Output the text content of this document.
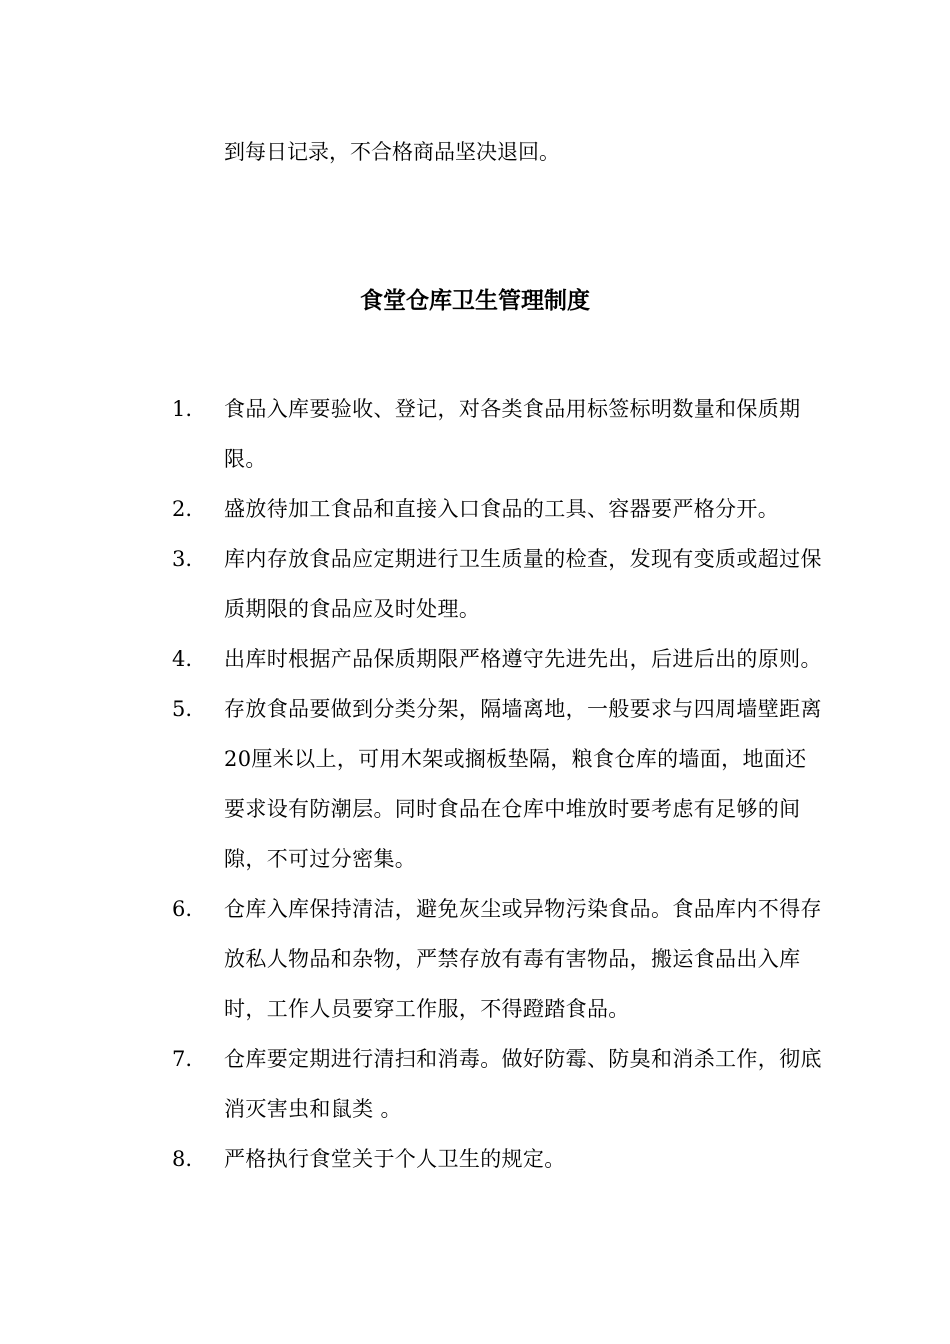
到每日记录，不合格商品坚决退回。
食堂仓库卫生管理制度
1. 食品入库要验收、登记，对各类食品用标签标明数量和保质期限。
2. 盛放待加工食品和直接入口食品的工具、容器要严格分开。
3. 库内存放食品应定期进行卫生质量的检查，发现有变质或超过保质期限的食品应及时处理。
4. 出库时根据产品保质期限严格遵守先进先出，后进后出的原则。
5. 存放食品要做到分类分架，隔墙离地，一般要求与四周墙壁距离20厘米以上，可用木架或搁板垫隔，粮食仓库的墙面，地面还要求设有防潮层。同时食品在仓库中堆放时要考虑有足够的间隙，不可过分密集。
6. 仓库入库保持清洁，避免灰尘或异物污染食品。食品库内不得存放私人物品和杂物，严禁存放有毒有害物品，搬运食品出入库时，工作人员要穿工作服，不得蹬踏食品。
7. 仓库要定期进行清扫和消毒。做好防霉、防臭和消杀工作，彻底消灭害虫和鼠类 。
8. 严格执行食堂关于个人卫生的规定。
